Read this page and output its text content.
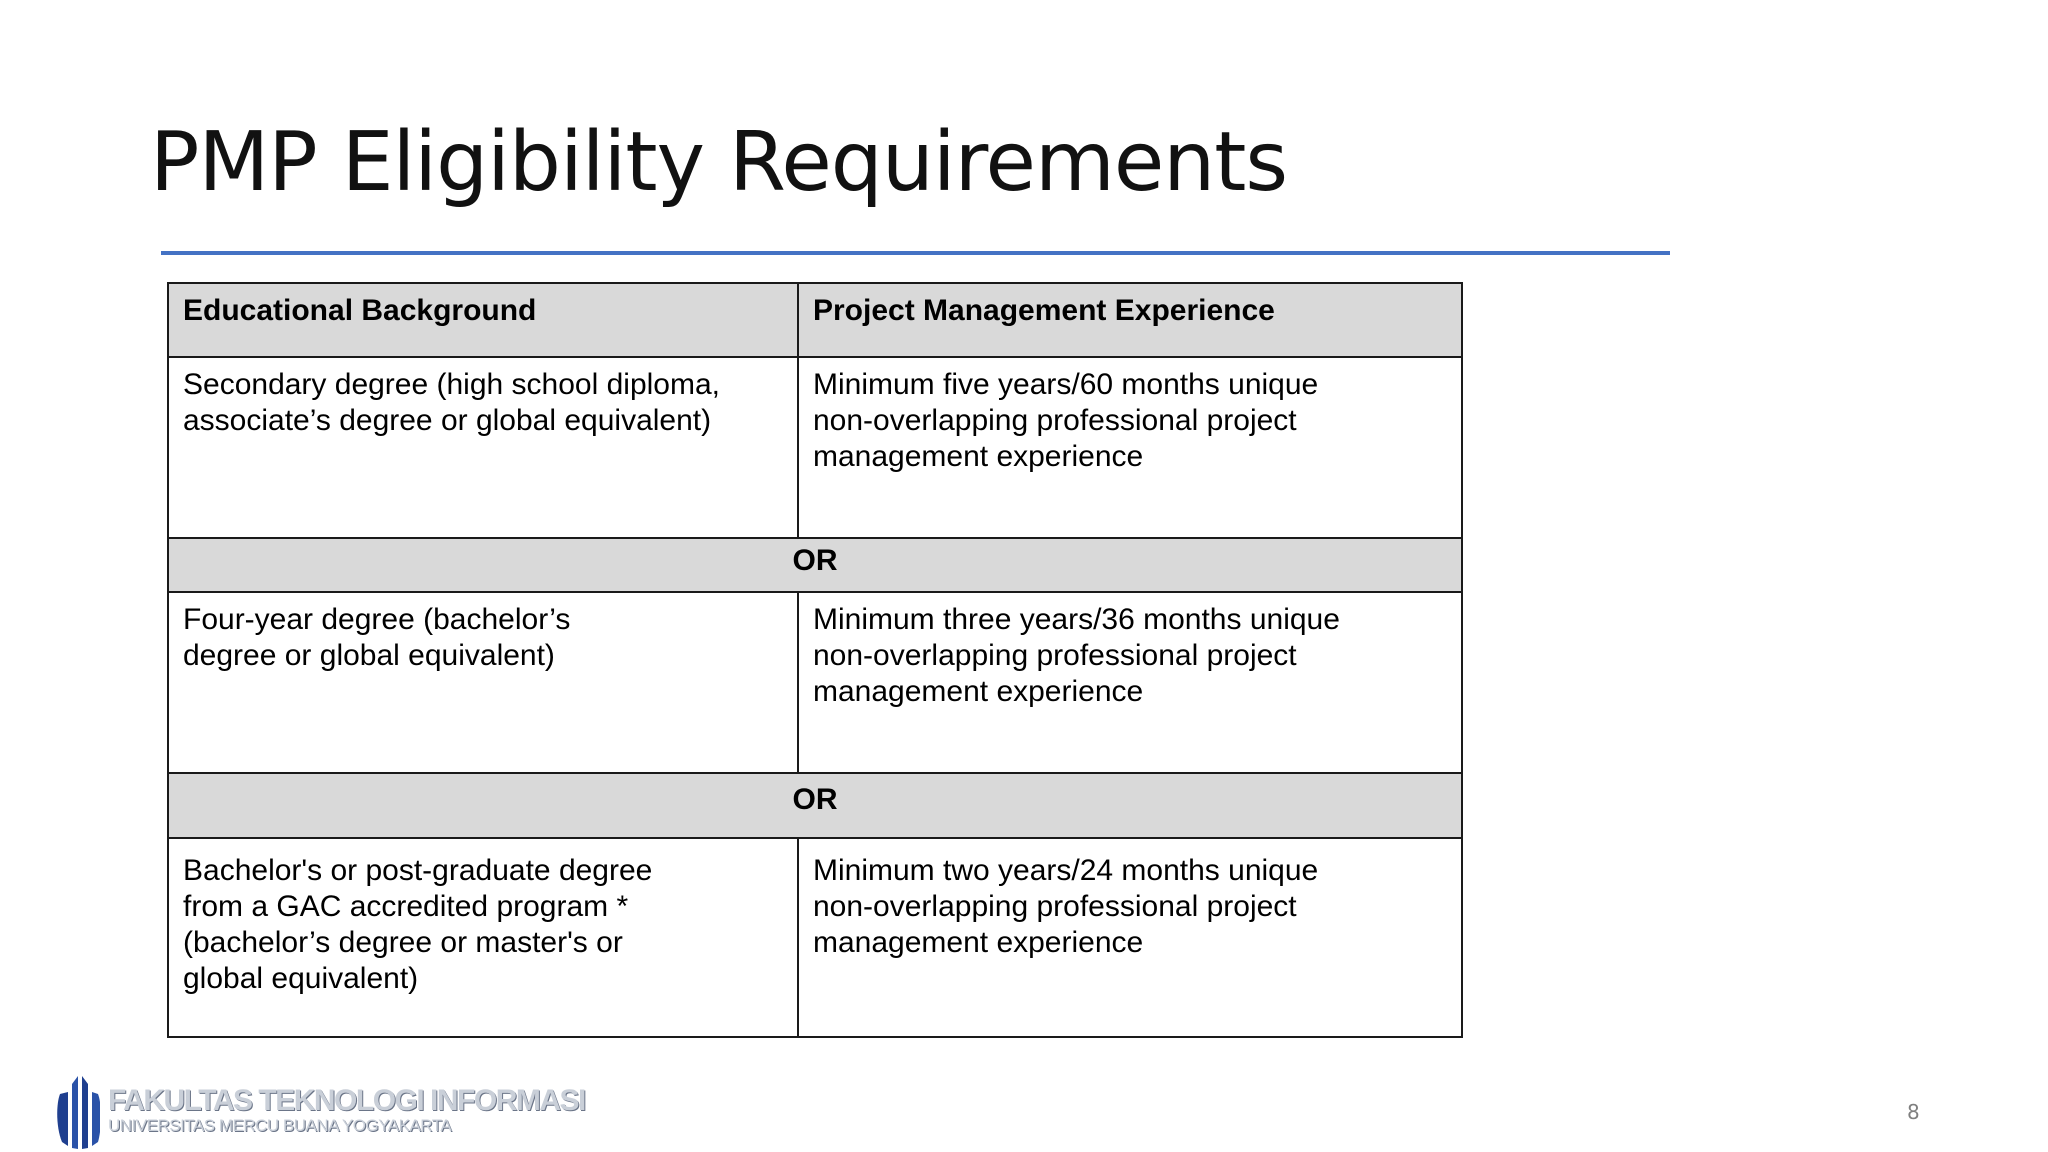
PMP Eligibility Requirements
Educational Background	Project Management Experience

Secondary degree (high school diploma,
associate’s degree or global equivalent)	Minimum five years/60 months unique
non-overlapping professional project
management experience

OR	

Four-year degree (bachelor’s
degree or global equivalent)	Minimum three years/36 months unique
non-overlapping professional project
management experience

OR	

Bachelor's or post-graduate degree
from a GAC accredited program *
(bachelor’s degree or master's or
global equivalent)	Minimum two years/24 months unique
non-overlapping professional project
management experience
FAKULTAS TEKNOLOGI INFORMASI
UNIVERSITAS MERCU BUANA YOGYAKARTA
8
